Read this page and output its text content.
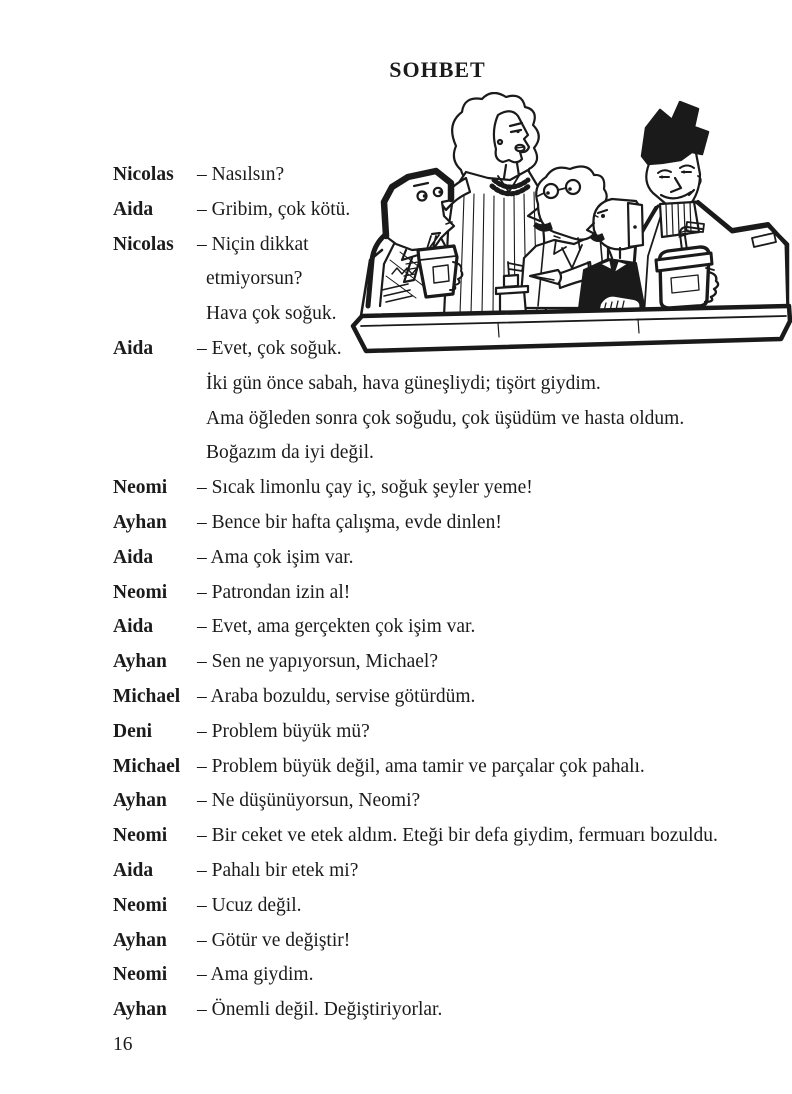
SOHBET
Nicolas – Nasılsın?
Aida – Gribim, çok kötü.
Nicolas – Niçin dikkat
etmiyorsun?
Hava çok soğuk.
Aida – Evet, çok soğuk.
İki gün önce sabah, hava güneşliydi; tişört giydim.
Ama öğleden sonra çok soğudu, çok üşüdüm ve hasta oldum.
Boğazım da iyi değil.
Neomi – Sıcak limonlu çay iç, soğuk şeyler yeme!
Ayhan – Bence bir hafta çalışma, evde dinlen!
Aida – Ama çok işim var.
Neomi – Patrondan izin al!
Aida – Evet, ama gerçekten çok işim var.
Ayhan – Sen ne yapıyorsun, Michael?
Michael – Araba bozuldu, servise götürdüm.
Deni – Problem büyük mü?
Michael – Problem büyük değil, ama tamir ve parçalar çok pahalı.
Ayhan – Ne düşünüyorsun, Neomi?
Neomi – Bir ceket ve etek aldım. Eteği bir defa giydim, fermuarı bozuldu.
Aida – Pahalı bir etek mi?
Neomi – Ucuz değil.
Ayhan – Götür ve değiştir!
Neomi – Ama giydim.
Ayhan – Önemli değil. Değiştiriyorlar.
16
